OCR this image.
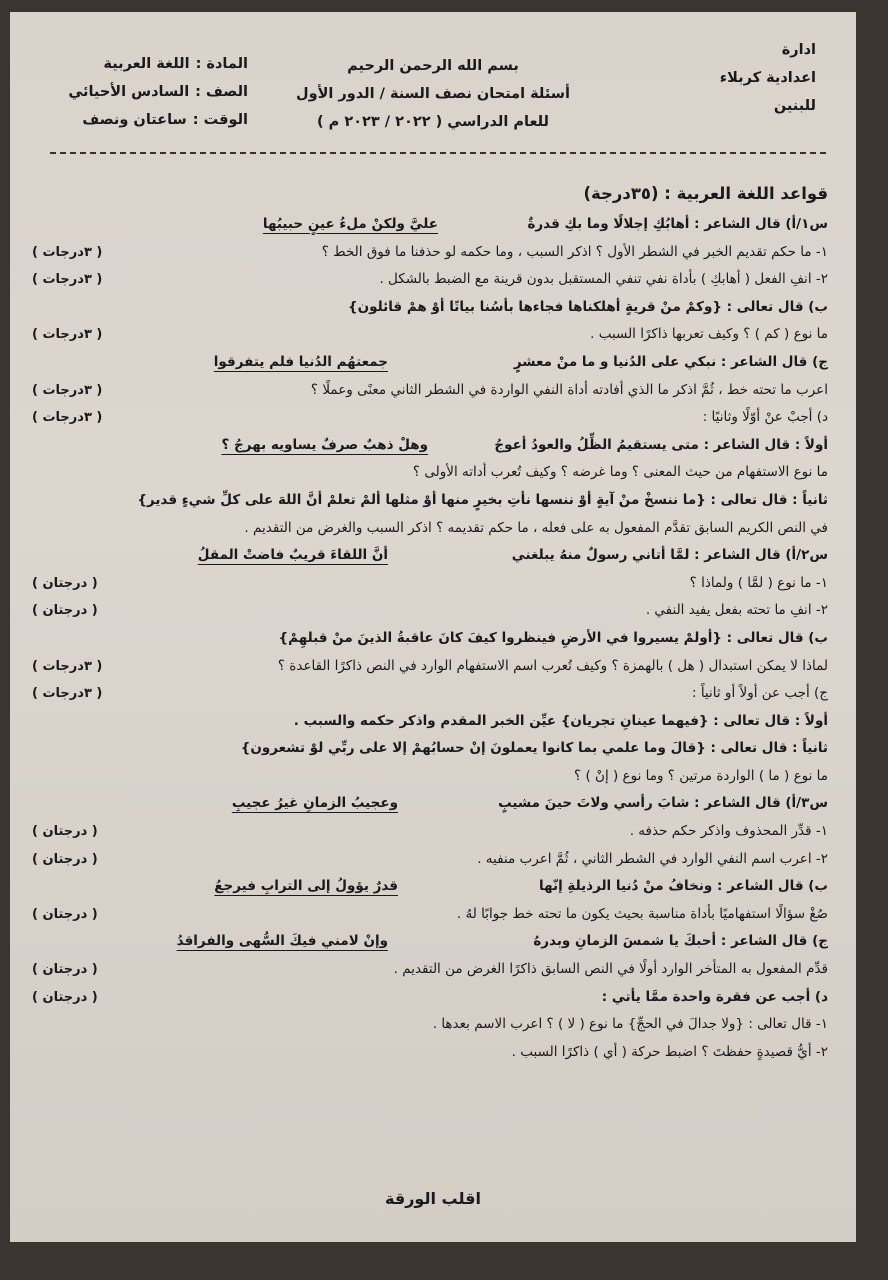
ادارة
اعدادية كربلاء
للبنين
بسم الله الرحمن الرحيم
أسئلة امتحان نصف السنة / الدور الأول
للعام الدراسي ( ٢٠٢٢ / ٢٠٢٣ م )
المادة :
اللغة العربية
الصف :
السادس الأحيائي
الوقت :
ساعتان ونصف
قواعد اللغة العربية : (٣٥درجة)
س١/أ) قال الشاعر : أهابُكِ إجلالًا وما بكِ قدرةٌ
عليَّ ولكنْ ملءُ عينٍ حبيبُها
١- ما حكم تقديم الخبر في الشطر الأول ؟ اذكر السبب ، وما حكمه لو حذفنا ما فوق الخط ؟
( ٣درجات )
٢- انفِ الفعل ( أهابكِ ) بأداة نفي تنفي المستقبل بدون قرينة مع الضبط بالشكل .
( ٣درجات )
ب) قال تعالى : {وكمْ منْ قريةٍ أهلكناها فجاءها بأسُنا بياتًا أوْ همْ قائلون}
ما نوع ( كم ) ؟ وكيف تعربها ذاكرًا السبب .
( ٣درجات )
ج) قال الشاعر : نبكي على الدُنيا و ما منْ معشرٍ
جمعتهُم الدُنيا فلم يتفرقوا
اعرب ما تحته خط ، ثُمَّ اذكر ما الذي أفادته أداة النفي الواردة في الشطر الثاني معنًى وعملًا ؟
( ٣درجات )
د) أجبْ عنْ أوّلًا وثانيًا :
( ٣درجات )
أولاً : قال الشاعر : متى يستقيمُ الظِّلُ والعودُ أعوجُ
وهلْ ذهبٌ صرفٌ يساويه بهرجُ ؟
ما نوع الاستفهام من حيث المعنى ؟ وما غرضه ؟ وكيف تُعرب أداته الأولى ؟
ثانياً : قال تعالى : {ما ننسخْ منْ آيةٍ أوْ ننسها نأتِ بخيرٍ منها أوْ مثلها ألمْ تعلمْ أنَّ اللهَ على كلِّ شيءٍ قدير}
في النص الكريم السابق تقدَّم المفعول به على فعله ، ما حكم تقديمه ؟ اذكر السبب والغرض من التقديم .
س٢/أ) قال الشاعر : لمَّا أتاني رسولٌ منهُ يبلغني
أنَّ اللقاءَ قريبٌ فاضتْ المقلُ
١- ما نوع ( لمَّا ) ولماذا ؟
( درجتان )
٢- انفِ ما تحته بفعل يفيد النفي .
( درجتان )
ب) قال تعالى : {أولمْ يسيروا في الأرضِ فينظروا كيفَ كانَ عاقبةُ الذينَ منْ قبلهِمْ}
لماذا لا يمكن استبدال ( هل ) بالهمزة ؟ وكيف تُعرب اسم الاستفهام الوارد في النص ذاكرًا القاعدة ؟
( ٣درجات )
ج) أجب عن أولاً أو ثانياً :
( ٣درجات )
أولاً : قال تعالى : {فيهما عينانِ تجريان} عيِّن الخبر المقدم واذكر حكمه والسبب .
ثانياً : قال تعالى : {قالَ وما علمي بما كانوا يعملونَ إنْ حسابُهمْ إلا على ربِّي لوْ تشعرون}
ما نوع ( ما ) الواردة مرتين ؟ وما نوع ( إنْ ) ؟
س٣/أ) قال الشاعر : شابَ رأسي ولاتَ حينَ مشيبٍ
وعجيبُ الزمانِ غيرُ عجيبِ
١- قدِّر المحذوف واذكر حكم حذفه .
( درجتان )
٢- اعرب اسم النفي الوارد في الشطر الثاني ، ثُمَّ اعرب منفيه .
( درجتان )
ب) قال الشاعر : ونخافُ منْ دُنيا الرذيلةِ إنّها
قدرٌ يؤولُ إلى الترابِ فيرجعُ
صُغْ سؤالًا استفهاميًا بأداة مناسبة بحيث يكون ما تحته خط جوابًا لهُ .
( درجتان )
ج) قال الشاعر : أحبكَ يا شمسَ الزمانِ وبدرهُ
وإنْ لامني فيكَ السُّهى والفراقدُ
قدِّم المفعول به المتأخر الوارد أولًا في النص السابق ذاكرًا الغرض من التقديم .
( درجتان )
د) أجب عن فقرة واحدة ممَّا يأتي :
( درجتان )
١- قال تعالى : {ولا جدالَ في الحجِّ} ما نوع ( لا ) ؟ اعرب الاسم بعدها .
٢- أيُّ قصيدةٍ حفظتَ ؟ اضبط حركة ( أي ) ذاكرًا السبب .
اقلب الورقة
